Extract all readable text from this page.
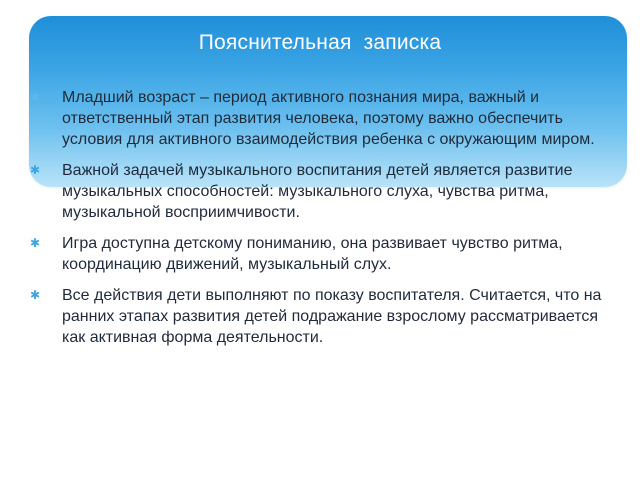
Пояснительная  записка
✱ Младший возраст – период активного познания мира, важный и ответственный этап развития человека, поэтому важно обеспечить условия для активного взаимодействия ребенка с окружающим миром.
✱ Важной задачей музыкального воспитания детей является развитие музыкальных способностей: музыкального слуха, чувства ритма, музыкальной восприимчивости.
✱ Игра доступна детскому пониманию, она развивает чувство ритма, координацию движений, музыкальный слух.
✱ Все действия дети выполняют по показу воспитателя. Считается, что на ранних этапах развития детей подражание взрослому рассматривается как активная форма деятельности.
